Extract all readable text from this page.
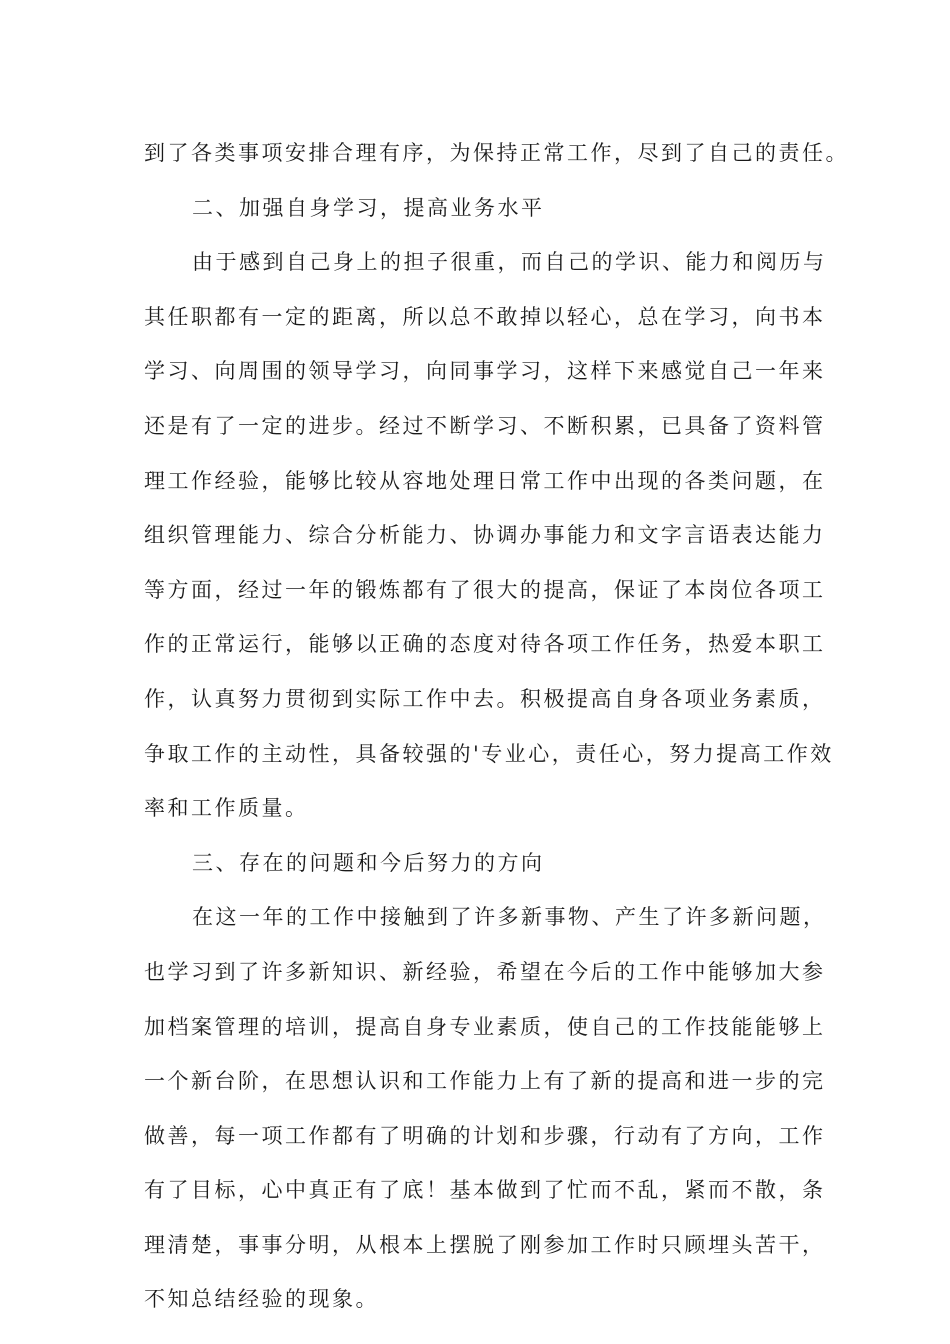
到了各类事项安排合理有序，为保持正常工作，尽到了自己的责任。
二、加强自身学习，提高业务水平
由于感到自己身上的担子很重，而自己的学识、能力和阅历与
其任职都有一定的距离，所以总不敢掉以轻心，总在学习，向书本
学习、向周围的领导学习，向同事学习，这样下来感觉自己一年来
还是有了一定的进步。经过不断学习、不断积累，已具备了资料管
理工作经验，能够比较从容地处理日常工作中出现的各类问题，在
组织管理能力、综合分析能力、协调办事能力和文字言语表达能力
等方面，经过一年的锻炼都有了很大的提高，保证了本岗位各项工
作的正常运行，能够以正确的态度对待各项工作任务，热爱本职工
作，认真努力贯彻到实际工作中去。积极提高自身各项业务素质，
争取工作的主动性，具备较强的'专业心，责任心，努力提高工作效
率和工作质量。
三、存在的问题和今后努力的方向
在这一年的工作中接触到了许多新事物、产生了许多新问题，
也学习到了许多新知识、新经验，希望在今后的工作中能够加大参
加档案管理的培训，提高自身专业素质，使自己的工作技能能够上
一个新台阶，在思想认识和工作能力上有了新的提高和进一步的完
做善，每一项工作都有了明确的计划和步骤，行动有了方向，工作
有了目标，心中真正有了底！基本做到了忙而不乱，紧而不散，条
理清楚，事事分明，从根本上摆脱了刚参加工作时只顾埋头苦干，
不知总结经验的现象。
